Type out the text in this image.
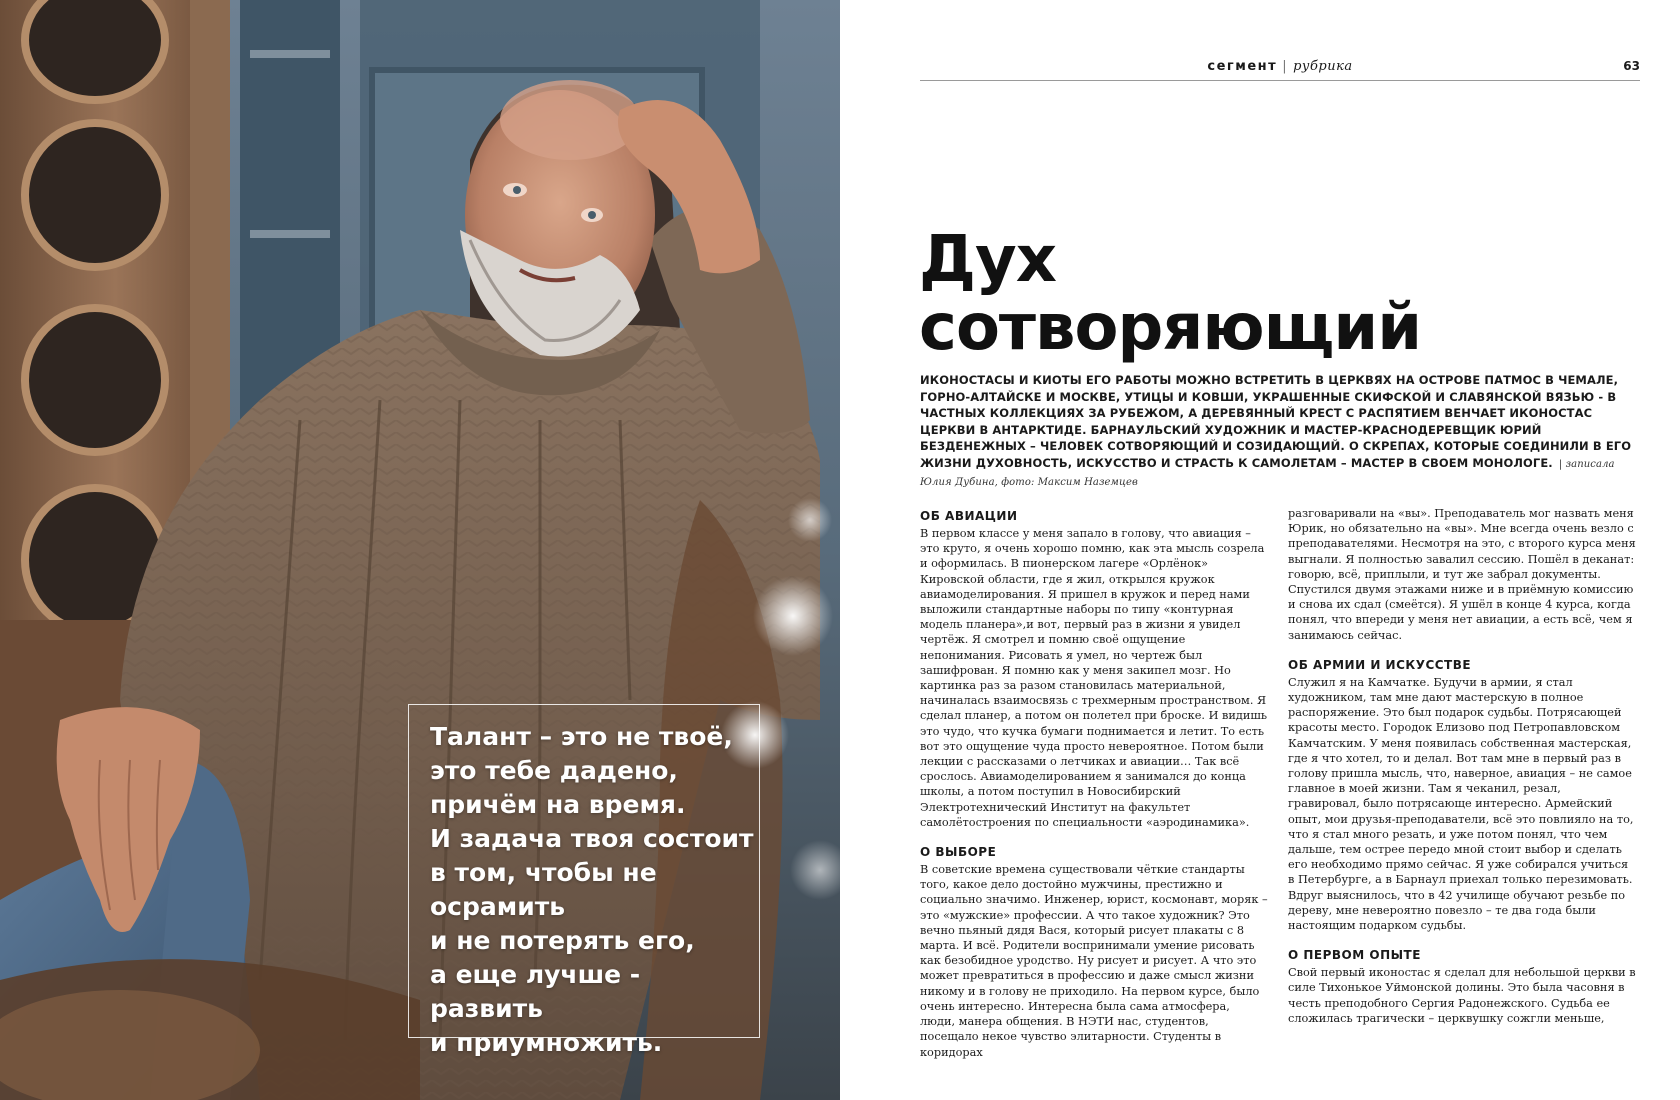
Талант – это не твоё,
это тебе дадено,
причём на время.
И задача твоя состоит
в том, чтобы не
осрамить
и не потерять его,
а еще лучше - развить
и приумножить.

сегмент | рубрика	63
Дух
сотворяющий

ИКОНОСТАСЫ И КИОТЫ ЕГО РАБОТЫ МОЖНО ВСТРЕТИТЬ В ЦЕРКВЯХ НА ОСТРОВЕ ПАТМОС В ЧЕМАЛЕ, ГОРНО-АЛТАЙСКЕ И МОСКВЕ, УТИЦЫ И КОВШИ, УКРАШЕННЫЕ СКИФСКОЙ И СЛАВЯНСКОЙ ВЯЗЬЮ - В ЧАСТНЫХ КОЛЛЕКЦИЯХ ЗА РУБЕЖОМ, А ДЕРЕВЯННЫЙ КРЕСТ С РАСПЯТИЕМ ВЕНЧАЕТ ИКОНОСТАС ЦЕРКВИ В АНТАРКТИДЕ. БАРНАУЛЬСКИЙ ХУДОЖНИК И МАСТЕР-КРАСНОДЕРЕВЩИК ЮРИЙ БЕЗДЕНЕЖНЫХ – ЧЕЛОВЕК СОТВОРЯЮЩИЙ И СОЗИДАЮЩИЙ. О СКРЕПАХ, КОТОРЫЕ СОЕДИНИЛИ В ЕГО ЖИЗНИ ДУХОВНОСТЬ, ИСКУССТВО И СТРАСТЬ К САМОЛЕТАМ – МАСТЕР В СВОЕМ МОНОЛОГЕ. | записала Юлия Дубина, фото: Максим Наземцев

ОБ АВИАЦИИ

В первом классе у меня запало в голову, что авиация – это круто, я очень хорошо помню, как эта мысль созрела и оформилась. В пионерском лагере «Орлёнок» Кировской области, где я жил, открылся кружок авиамоделирования. Я пришел в кружок и перед нами выложили стандартные наборы по типу «контурная модель планера»,и вот, первый раз в жизни я увидел чертёж. Я смотрел и помню своё ощущение непонимания. Рисовать я умел, но чертеж был зашифрован. Я помню как у меня закипел мозг. Но картинка раз за разом становилась материальной, начиналась взаимосвязь с трехмерным пространством. Я сделал планер, а потом он полетел при броске. И видишь это чудо, что кучка бумаги поднимается и летит. То есть вот это ощущение чуда просто невероятное. Потом были лекции с рассказами о летчиках и авиации… Так всё срослось. Авиамоделированием я занимался до конца школы, а потом поступил в Новосибирский Электротехнический Институт на факультет самолётостроения по специальности «аэродинамика».

О ВЫБОРЕ

В советские времена существовали чёткие стандарты того, какое дело достойно мужчины, престижно и социально значимо. Инженер, юрист, космонавт, моряк – это «мужские» профессии. А что такое художник? Это вечно пьяный дядя Вася, который рисует плакаты с 8 марта. И всё. Родители воспринимали умение рисовать как безобидное уродство. Ну рисует и рисует. А что это может превратиться в профессию и даже смысл жизни никому и в голову не приходило. На первом курсе, было очень интересно. Интересна была сама атмосфера, люди, манера общения. В НЭТИ нас, студентов, посещало некое чувство элитарности. Студенты в коридорах

разговаривали на «вы». Преподаватель мог назвать меня Юрик, но обязательно на «вы». Мне всегда очень везло с преподавателями. Несмотря на это, с второго курса меня выгнали. Я полностью завалил сессию. Пошёл в деканат: говорю, всё, приплыли, и тут же забрал документы. Спустился двумя этажами ниже и в приёмную комиссию и снова их сдал (смеётся). Я ушёл в конце 4 курса, когда понял, что впереди у меня нет авиации, а есть всё, чем я занимаюсь сейчас.

ОБ АРМИИ И ИСКУССТВЕ

Служил я на Камчатке. Будучи в армии, я стал художником, там мне дают мастерскую в полное распоряжение. Это был подарок судьбы. Потрясающей красоты место. Городок Елизово под Петропавловском Камчатским. У меня появилась собственная мастерская, где я что хотел, то и делал. Вот там мне в первый раз в голову пришла мысль, что, наверное, авиация – не самое главное в моей жизни. Там я чеканил, резал, гравировал, было потрясающе интересно. Армейский опыт, мои друзья-преподаватели, всё это повлияло на то, что я стал много резать, и уже потом понял, что чем дальше, тем острее передо мной стоит выбор и сделать его необходимо прямо сейчас. Я уже собирался учиться в Петербурге, а в Барнаул приехал только перезимовать. Вдруг выяснилось, что в 42 училище обучают резьбе по дереву, мне невероятно повезло – те два года были настоящим подарком судьбы.

О ПЕРВОМ ОПЫТЕ

Свой первый иконостас я сделал для небольшой церкви в силе Тихонькое Уймонской долины. Это была часовня в честь преподобного Сергия Радонежского. Судьба ее сложилась трагически – церквушку сожгли меньше,
